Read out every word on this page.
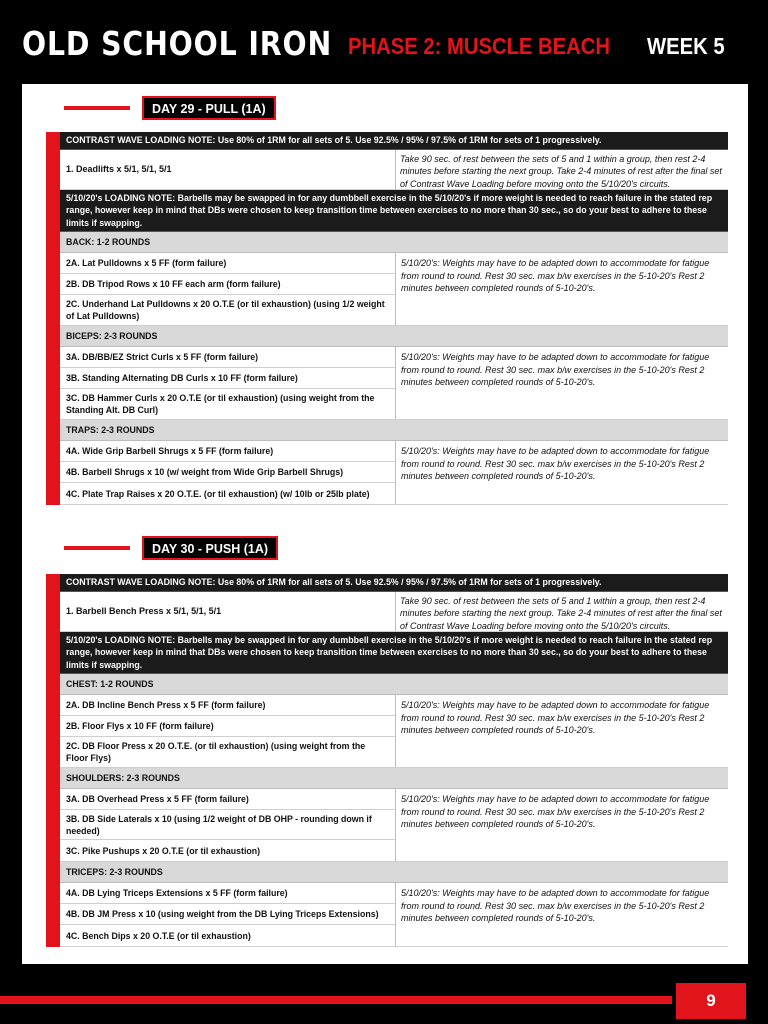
OLD SCHOOL IRON PHASE 2: MUSCLE BEACH WEEK 5
DAY 29 - PULL (1A)
CONTRAST WAVE LOADING NOTE: Use 80% of 1RM for all sets of 5. Use 92.5% / 95% / 97.5% of 1RM for sets of 1 progressively.
1. Deadlifts x 5/1, 5/1, 5/1
Take 90 sec. of rest between the sets of 5 and 1 within a group, then rest 2-4 minutes before starting the next group. Take 2-4 minutes of rest after the final set of Contrast Wave Loading before moving onto the 5/10/20's circuits.
5/10/20's LOADING NOTE: Barbells may be swapped in for any dumbbell exercise in the 5/10/20's if more weight is needed to reach failure in the stated rep range, however keep in mind that DBs were chosen to keep transition time between exercises to no more than 30 sec., so do your best to adhere to these limits if swapping.
BACK: 1-2 ROUNDS
2A. Lat Pulldowns x 5 FF (form failure)
2B. DB Tripod Rows x 10 FF each arm (form failure)
2C. Underhand Lat Pulldowns x 20 O.T.E (or til exhaustion) (using 1/2 weight of Lat Pulldowns)
5/10/20's: Weights may have to be adapted down to accommodate for fatigue from round to round. Rest 30 sec. max b/w exercises in the 5-10-20's Rest 2 minutes between completed rounds of 5-10-20's.
BICEPS: 2-3 ROUNDS
3A. DB/BB/EZ Strict Curls x 5 FF (form failure)
3B. Standing Alternating DB Curls x 10 FF (form failure)
3C. DB Hammer Curls x 20 O.T.E (or til exhaustion) (using weight from the Standing Alt. DB Curl)
5/10/20's: Weights may have to be adapted down to accommodate for fatigue from round to round. Rest 30 sec. max b/w exercises in the 5-10-20's Rest 2 minutes between completed rounds of 5-10-20's.
TRAPS: 2-3 ROUNDS
4A. Wide Grip Barbell Shrugs x 5 FF (form failure)
4B. Barbell Shrugs x 10 (w/ weight from Wide Grip Barbell Shrugs)
4C. Plate Trap Raises x 20 O.T.E. (or til exhaustion) (w/ 10lb or 25lb plate)
5/10/20's: Weights may have to be adapted down to accommodate for fatigue from round to round. Rest 30 sec. max b/w exercises in the 5-10-20's Rest 2 minutes between completed rounds of 5-10-20's.
DAY 30 - PUSH (1A)
CONTRAST WAVE LOADING NOTE: Use 80% of 1RM for all sets of 5. Use 92.5% / 95% / 97.5% of 1RM for sets of 1 progressively.
1. Barbell Bench Press x 5/1, 5/1, 5/1
Take 90 sec. of rest between the sets of 5 and 1 within a group, then rest 2-4 minutes before starting the next group. Take 2-4 minutes of rest after the final set of Contrast Wave Loading before moving onto the 5/10/20's circuits.
5/10/20's LOADING NOTE: Barbells may be swapped in for any dumbbell exercise in the 5/10/20's if more weight is needed to reach failure in the stated rep range, however keep in mind that DBs were chosen to keep transition time between exercises to no more than 30 sec., so do your best to adhere to these limits if swapping.
CHEST: 1-2 ROUNDS
2A. DB Incline Bench Press x 5 FF (form failure)
2B. Floor Flys x 10 FF (form failure)
2C. DB Floor Press x 20 O.T.E. (or til exhaustion) (using weight from the Floor Flys)
5/10/20's: Weights may have to be adapted down to accommodate for fatigue from round to round. Rest 30 sec. max b/w exercises in the 5-10-20's Rest 2 minutes between completed rounds of 5-10-20's.
SHOULDERS: 2-3 ROUNDS
3A. DB Overhead Press x 5 FF (form failure)
3B. DB Side Laterals x 10 (using 1/2 weight of DB OHP - rounding down if needed)
3C. Pike Pushups x 20 O.T.E (or til exhaustion)
5/10/20's: Weights may have to be adapted down to accommodate for fatigue from round to round. Rest 30 sec. max b/w exercises in the 5-10-20's Rest 2 minutes between completed rounds of 5-10-20's.
TRICEPS: 2-3 ROUNDS
4A. DB Lying Triceps Extensions x 5 FF (form failure)
4B. DB JM Press x 10 (using weight from the DB Lying Triceps Extensions)
4C. Bench Dips x 20 O.T.E (or til exhaustion)
5/10/20's: Weights may have to be adapted down to accommodate for fatigue from round to round. Rest 30 sec. max b/w exercises in the 5-10-20's Rest 2 minutes between completed rounds of 5-10-20's.
9
